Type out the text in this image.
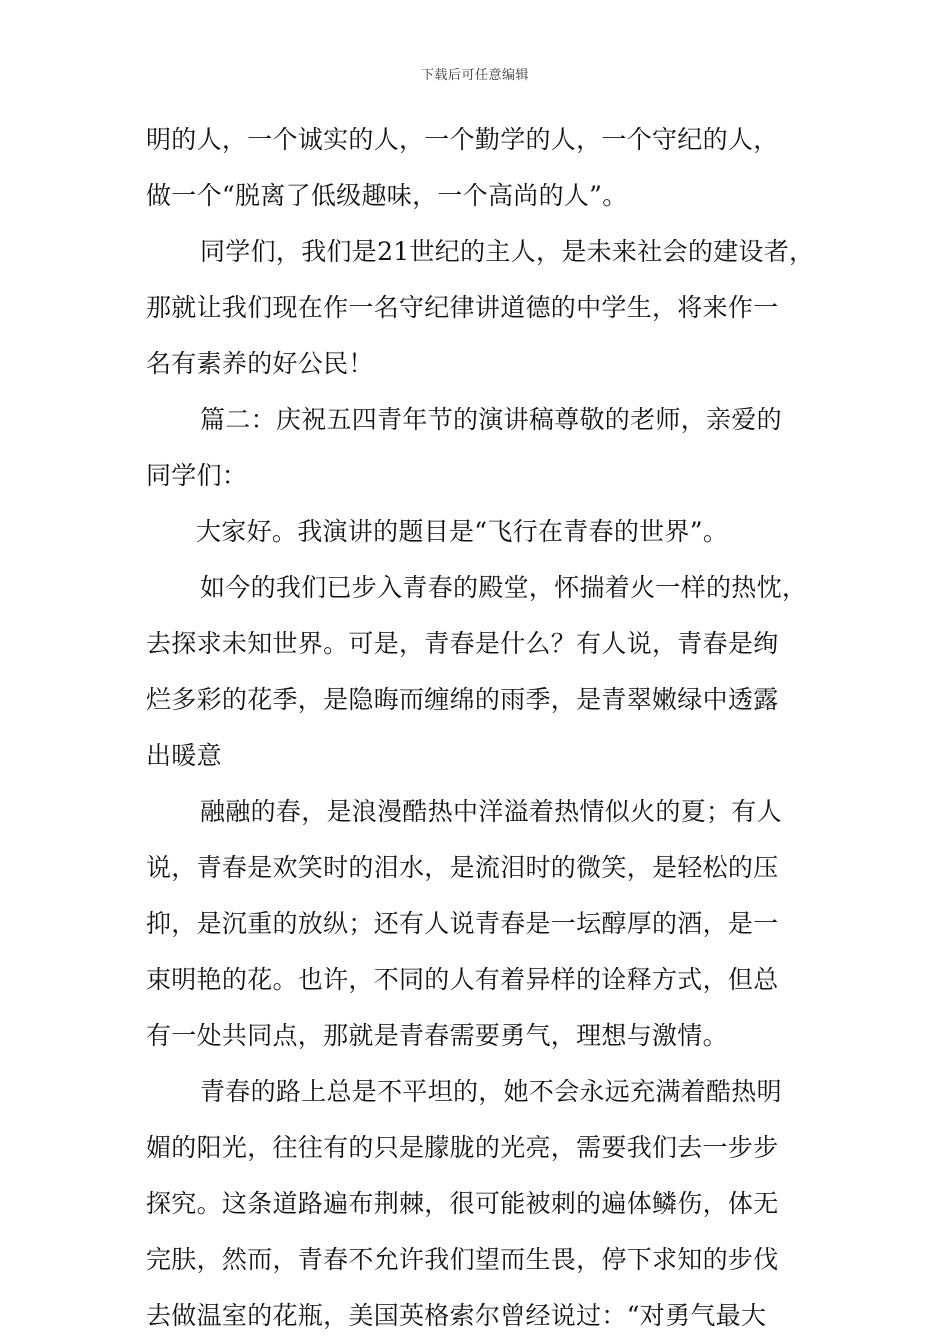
下载后可任意编辑
明的人，一个诚实的人，一个勤学的人，一个守纪的人，
做一个“脱离了低级趣味，一个高尚的人”。
同学们，我们是21世纪的主人，是未来社会的建设者，
那就让我们现在作一名守纪律讲道德的中学生，将来作一
名有素养的好公民！
篇二：庆祝五四青年节的演讲稿尊敬的老师，亲爱的
同学们：
大家好。我演讲的题目是“飞行在青春的世界”。
如今的我们已步入青春的殿堂，怀揣着火一样的热忱，
去探求未知世界。可是，青春是什么？有人说，青春是绚
烂多彩的花季，是隐晦而缠绵的雨季，是青翠嫩绿中透露
出暖意
融融的春，是浪漫酷热中洋溢着热情似火的夏；有人
说，青春是欢笑时的泪水，是流泪时的微笑，是轻松的压
抑，是沉重的放纵；还有人说青春是一坛醇厚的酒，是一
束明艳的花。也许，不同的人有着异样的诠释方式，但总
有一处共同点，那就是青春需要勇气，理想与激情。
青春的路上总是不平坦的，她不会永远充满着酷热明
媚的阳光，往往有的只是朦胧的光亮，需要我们去一步步
探究。这条道路遍布荆棘，很可能被刺的遍体鳞伤，体无
完肤，然而，青春不允许我们望而生畏，停下求知的步伐
去做温室的花瓶，美国英格索尔曾经说过：“对勇气最大
